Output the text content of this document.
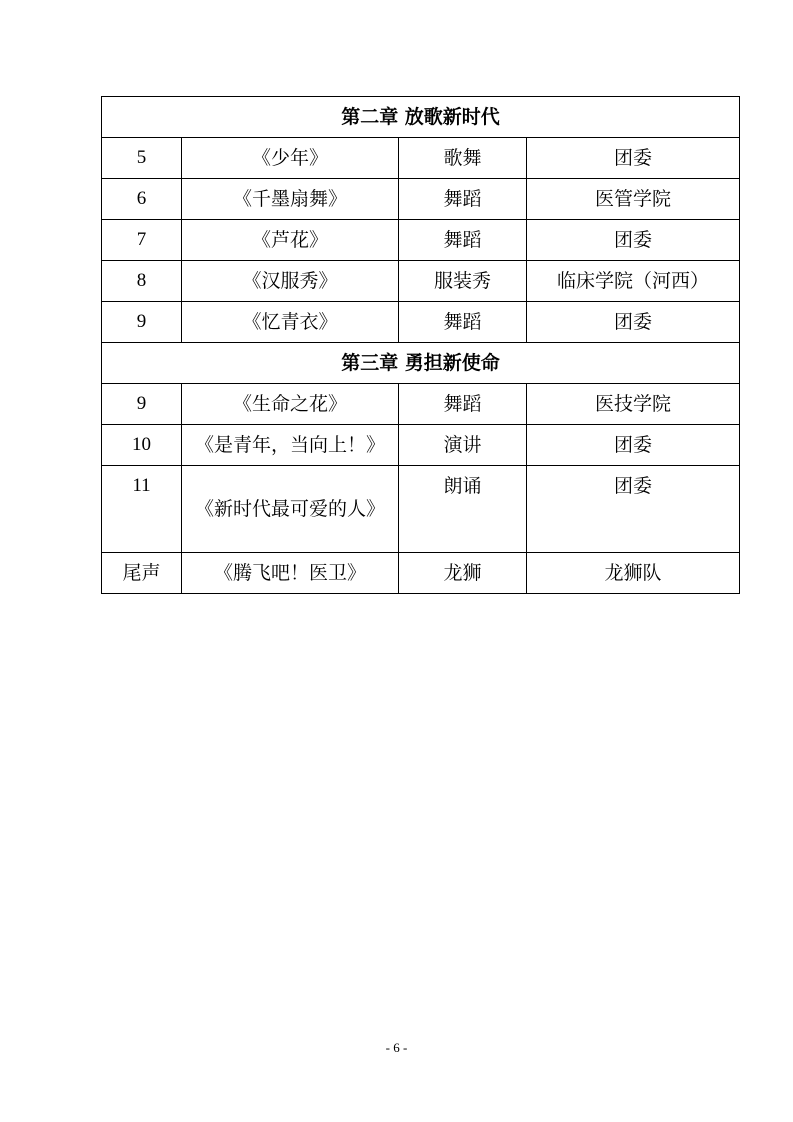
第二章 放歌新时代			
5	《少年》	歌舞	团委
6	《千墨扇舞》	舞蹈	医管学院
7	《芦花》	舞蹈	团委
8	《汉服秀》	服装秀	临床学院（河西）
9	《忆青衣》	舞蹈	团委
第三章 勇担新使命			
9	《生命之花》	舞蹈	医技学院
10	《是青年，当向上！》	演讲	团委
11	《新时代最可爱的人》	朗诵	团委
尾声	《腾飞吧！医卫》	龙狮	龙狮队
- 6 -
